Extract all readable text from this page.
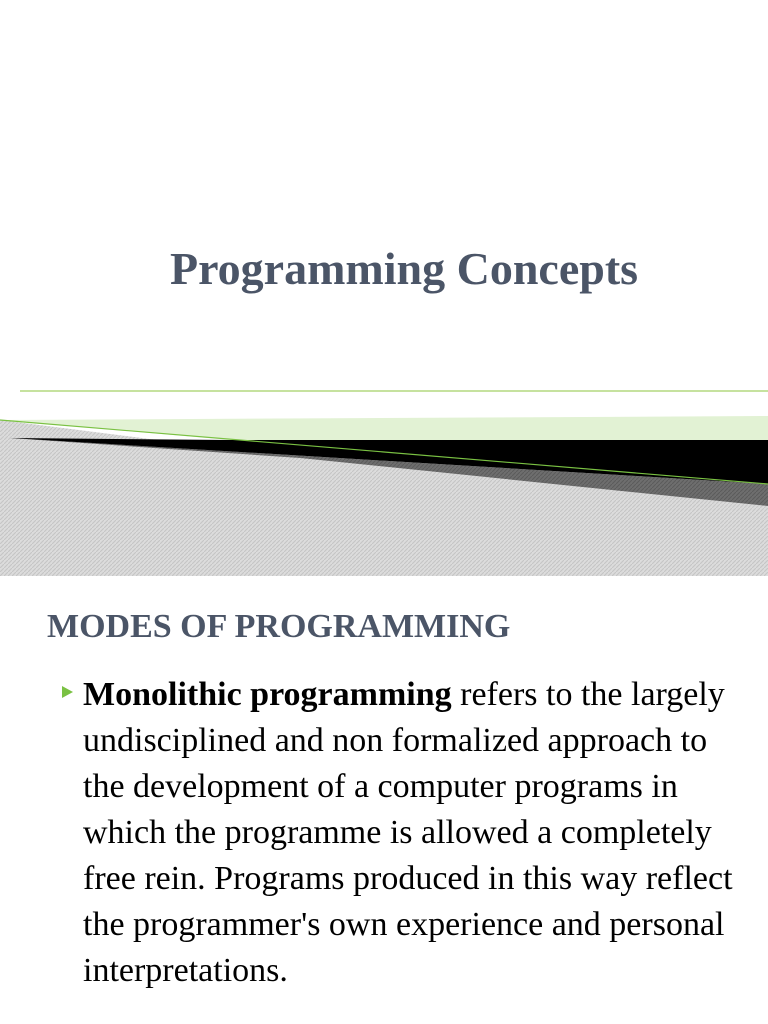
Programming Concepts
MODES OF PROGRAMMING

Monolithic programming refers to the largely undisciplined and non formalized approach to the development of a computer programs in which the programme is allowed a completely free rein. Programs produced in this way reflect the programmer's own experience and personal interpretations.
